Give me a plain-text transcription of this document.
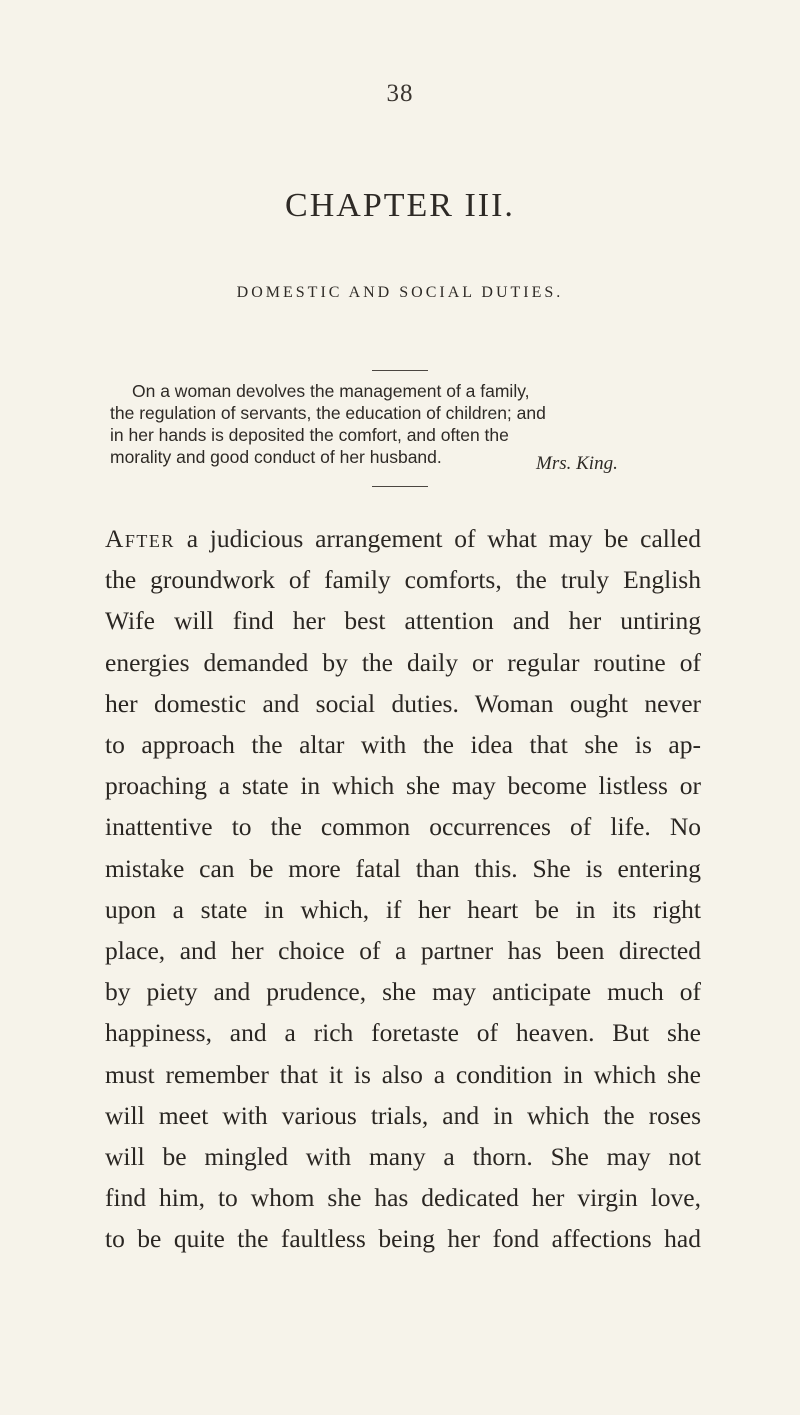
38
CHAPTER III.
DOMESTIC AND SOCIAL DUTIES.
On a woman devolves the management of a family,
the regulation of servants, the education of children; and
in her hands is deposited the comfort, and often the
morality and good conduct of her husband.	Mrs. King.
After a judicious arrangement of what may be called
the groundwork of family comforts, the truly English
Wife will find her best attention and her untiring
energies demanded by the daily or regular routine of
her domestic and social duties. Woman ought never
to approach the altar with the idea that she is ap-
proaching a state in which she may become listless or
inattentive to the common occurrences of life. No
mistake can be more fatal than this. She is entering
upon a state in which, if her heart be in its right
place, and her choice of a partner has been directed
by piety and prudence, she may anticipate much of
happiness, and a rich foretaste of heaven. But she
must remember that it is also a condition in which she
will meet with various trials, and in which the roses
will be mingled with many a thorn. She may not
find him, to whom she has dedicated her virgin love,
to be quite the faultless being her fond affections had
